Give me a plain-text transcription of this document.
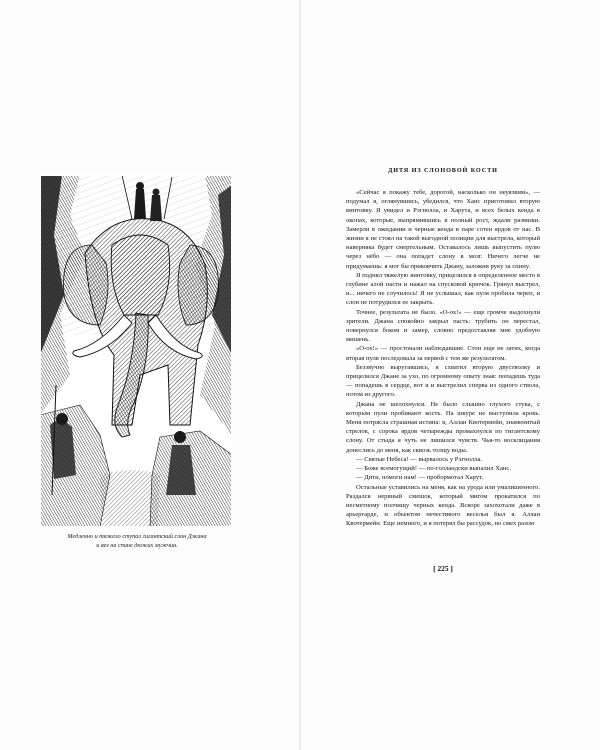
Медленно и тяжело ступал гигантский слон Джана
и вез на спине дюжих мужчин.
ДИТЯ ИЗ СЛОНОВОЙ КОСТИ

«Сейчас я покажу тебе, дорогой, насколько он неуязвим», — подумал я, оглянувшись, убедился, что Ханс приготовил вторую винтовку. Я увидел и Рэгнолла, и Харута, и всех белых кенда в окопах, которые, выпрямившись в полный рост, ждали развязки. Замерли в ожидании и черные кенда в паре сотен ярдов от нас. В жизни я не стоял на такой выгодной позиции для выстрела, который наверняка будет смертельным. Оставалось лишь выпустить пулю через нёбо — она попадет слону в мозг. Ничего легче не придумаешь: я мог бы приковчить Джану, заложив руку за спину.

Я поднял тяжелую винтовку, прицелился в определенное место в глубине алой пасти и нажал на спусковой крючок. Грянул выстрел, и... ничего не случилось! Я не услышал, как пуля пробила череп, и слон не потрудился ее закрыть.

Точнее, результата не было. «О-ох!» — еще громче выдохнули зрители. Джана спокойно закрыл пасть: трубить он перестал, повернулся боком и замер, словно предоставляя мне удобную мишень.

«О-ох!» — простонали наблюдавшие. Стон еще не затих, когда вторая пуля последовала за первой с тем же результатом.

Беззвучно выругавшись, я схватил вторую двустволку и прицелился Джане за ухо, по огромному опыту зная: попадешь туда — попадешь в сердце, вот я и выстрелил сперва из одного ствола, потом из другого.

Джана не шелохнулся. Не было слышно глухого стука, с которым пули пробивают кость. На шкуре не выступила кровь. Меня потрясла страшная истина: я, Аллан Квотермейн, знаменитый стрелок, с сорока ярдов четырежды промахнулся по гигантскому слону. От стыда я чуть не лишился чувств. Чья-то восклицания донеслись до меня, как сквозь толщу воды.

— Святые Небеса! — вырвалось у Рэгнолла.

— Боже всемогущий! — по-голландски выпалил Ханс.

— Дити, помоги нам! — пробормотал Харут.

Остальные уставились на меня, как на урода или умалишенного. Раздался нервный смешок, который мигом прокатился по несметному полчищу черных кенда. Вскоре захохотали даже в арьергарде, и объектом нечестивого веселья был я. Аллан Квотермейн. Еще немного, и я потерял бы рассудок, но смех разом

[ 225 ]
